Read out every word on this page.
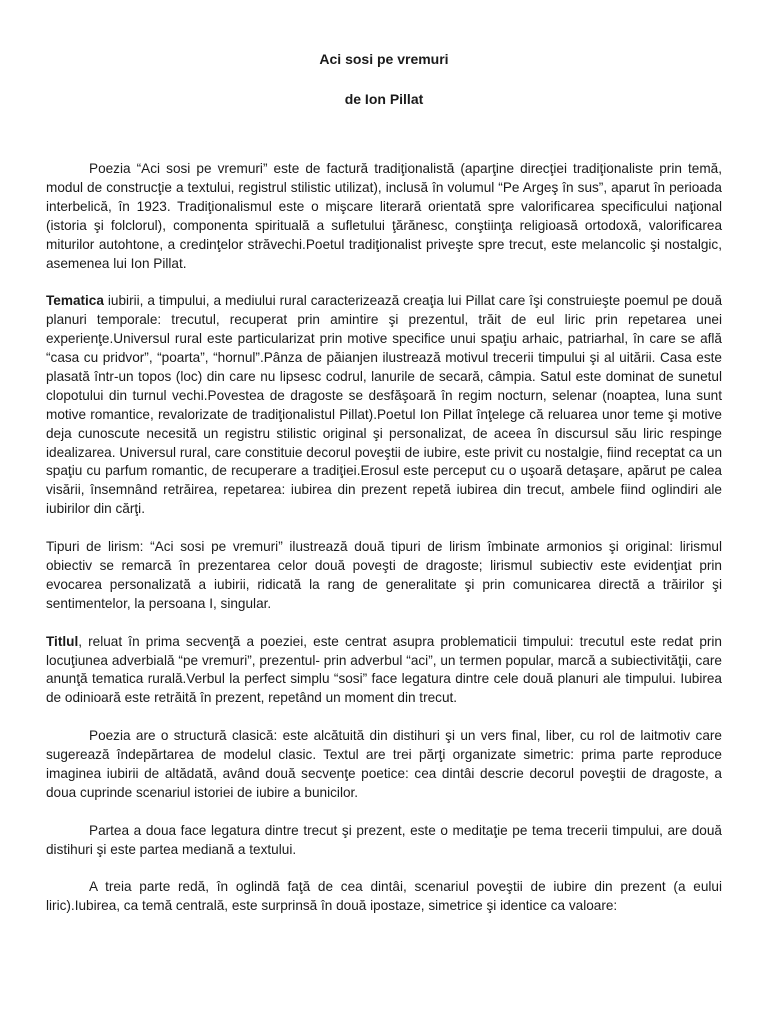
Aci sosi pe vremuri
de Ion Pillat

Poezia “Aci sosi pe vremuri” este de factură tradiţionalistă (aparţine direcţiei tradiţionaliste prin temă, modul de construcţie a textului, registrul stilistic utilizat), inclusă în volumul “Pe Argeş în sus”, aparut în perioada interbelică, în 1923. Tradiţionalismul este o mişcare literară orientată spre valorificarea specificului naţional (istoria şi folclorul), componenta spirituală a sufletului ţărănesc, conştiinţa religioasă ortodoxă, valorificarea miturilor autohtone, a credinţelor străvechi.Poetul tradiţionalist priveşte spre trecut, este melancolic şi nostalgic, asemenea lui Ion Pillat.

Tematica iubirii, a timpului, a mediului rural caracterizează creaţia lui Pillat care îşi construieşte poemul pe două planuri temporale: trecutul, recuperat prin amintire şi prezentul, trăit de eul liric prin repetarea unei experienţe.Universul rural este particularizat prin motive specifice unui spaţiu arhaic, patriarhal, în care se află “casa cu pridvor”, “poarta”, “hornul”.Pânza de păianjen ilustrează motivul trecerii timpului şi al uitării. Casa este plasată într-un topos (loc) din care nu lipsesc codrul, lanurile de secară, câmpia. Satul este dominat de sunetul clopotului din turnul vechi.Povestea de dragoste se desfăşoară în regim nocturn, selenar (noaptea, luna sunt motive romantice, revalorizate de tradiţionalistul Pillat).Poetul Ion Pillat înţelege că reluarea unor teme şi motive deja cunoscute necesită un registru stilistic original şi personalizat, de aceea în discursul său liric respinge idealizarea. Universul rural, care constituie decorul poveştii de iubire, este privit cu nostalgie, fiind receptat ca un spaţiu cu parfum romantic, de recuperare a tradiţiei.Erosul este perceput cu o uşoară detaşare, apărut pe calea visării, însemnând retrăirea, repetarea: iubirea din prezent repetă iubirea din trecut, ambele fiind oglindiri ale iubirilor din cărţi.

Tipuri de lirism: “Aci sosi pe vremuri” ilustrează două tipuri de lirism îmbinate armonios şi original: lirismul obiectiv se remarcă în prezentarea celor două poveşti de dragoste; lirismul subiectiv este evidenţiat prin evocarea personalizată a iubirii, ridicată la rang de generalitate şi prin comunicarea directă a trăirilor şi sentimentelor, la persoana I, singular.

Titlul, reluat în prima secvenţă a poeziei, este centrat asupra problematicii timpului: trecutul este redat prin locuţiunea adverbială “pe vremuri”, prezentul- prin adverbul “aci”, un termen popular, marcă a subiectivităţii, care anunţă tematica rurală.Verbul la perfect simplu “sosi” face legatura dintre cele două planuri ale timpului. Iubirea de odinioară este retrăită în prezent, repetând un moment din trecut.

Poezia are o structură clasică: este alcătuită din distihuri şi un vers final, liber, cu rol de laitmotiv care sugerează îndepărtarea de modelul clasic. Textul are trei părţi organizate simetric: prima parte reproduce imaginea iubirii de altădată, având două secvenţe poetice: cea dintâi descrie decorul poveştii de dragoste, a doua cuprinde scenariul istoriei de iubire a bunicilor.

Partea a doua face legatura dintre trecut şi prezent, este o meditaţie pe tema trecerii timpului, are două distihuri şi este partea mediană a textului.

A treia parte redă, în oglindă faţă de cea dintâi, scenariul poveştii de iubire din prezent (a eului liric).Iubirea, ca temă centrală, este surprinsă în două ipostaze, simetrice şi identice ca valoare:
